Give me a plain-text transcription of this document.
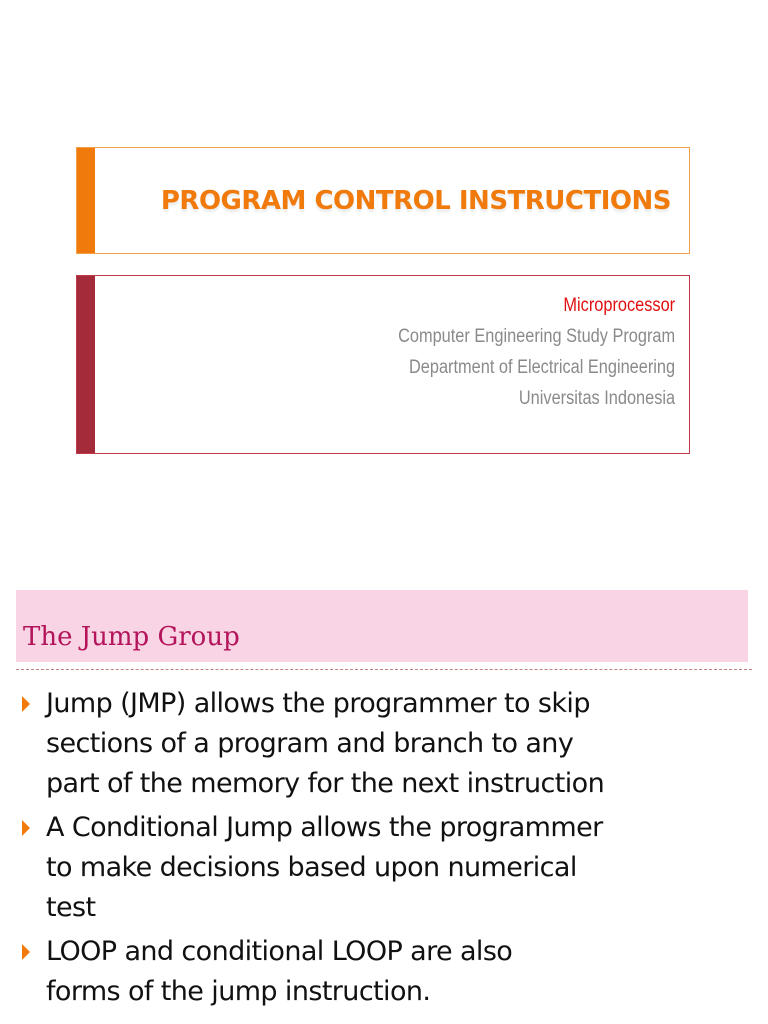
PROGRAM CONTROL INSTRUCTIONS
Microprocessor
Computer Engineering Study Program
Department of Electrical Engineering
Universitas Indonesia
The Jump Group
Jump (JMP) allows the programmer to skip
sections of a program and branch to any
part of the memory for the next instruction
A Conditional Jump allows the programmer
to make decisions based upon numerical
test
LOOP and conditional LOOP are also
forms of the jump instruction.
